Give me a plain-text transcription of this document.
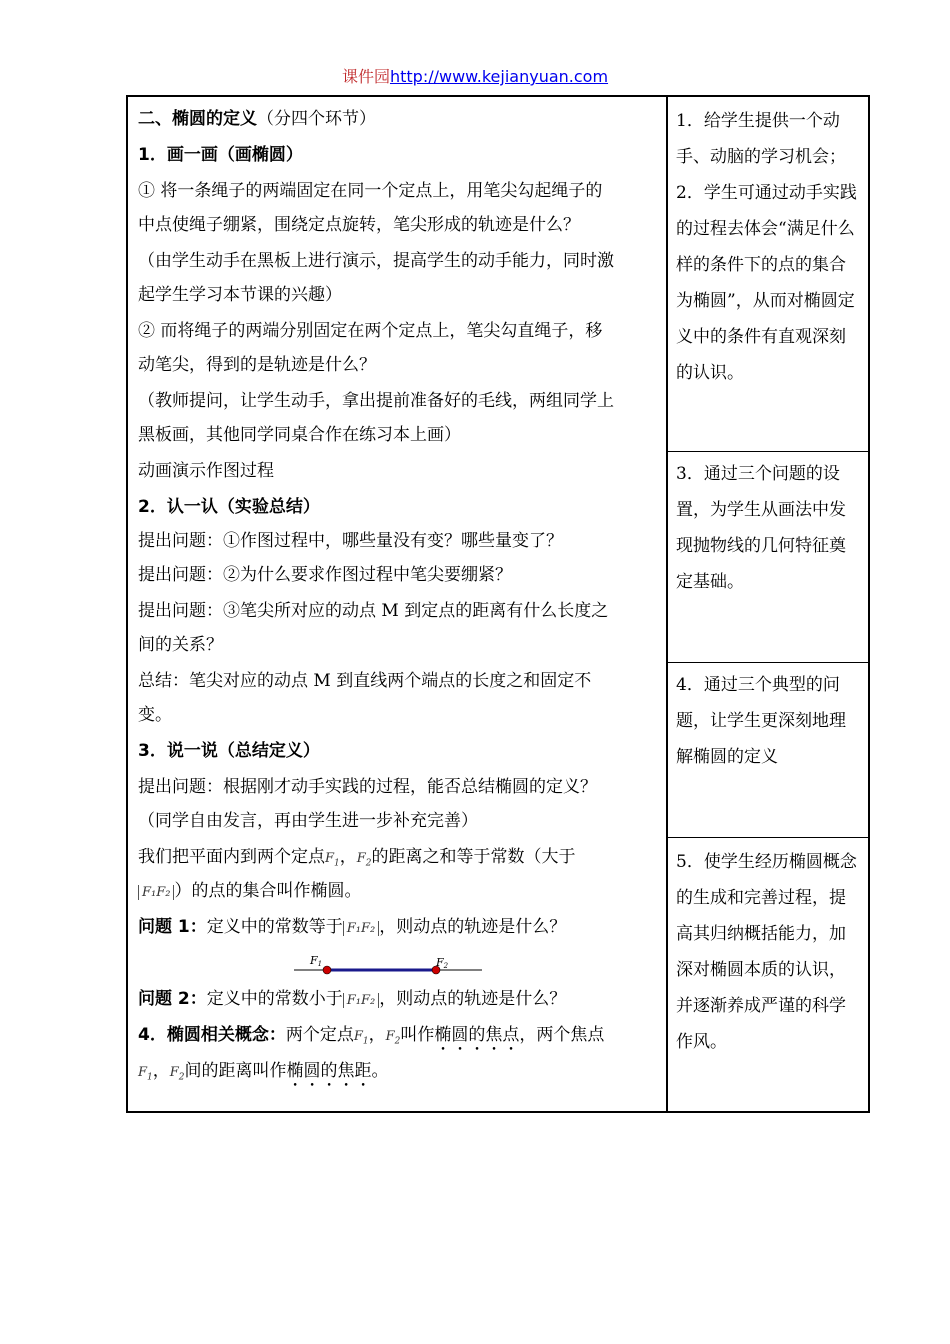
课件园http://www.kejianyuan.com
二、椭圆的定义（分四个环节）
1．画一画（画椭圆）
① 将一条绳子的两端固定在同一个定点上，用笔尖勾起绳子的
中点使绳子绷紧，围绕定点旋转，笔尖形成的轨迹是什么？
（由学生动手在黑板上进行演示，提高学生的动手能力，同时激
起学生学习本节课的兴趣）
② 而将绳子的两端分别固定在两个定点上，笔尖勾直绳子，移
动笔尖，得到的是轨迹是什么？
（教师提问，让学生动手，拿出提前准备好的毛线，两组同学上
黑板画，其他同学同桌合作在练习本上画）
动画演示作图过程
2．认一认（实验总结）
提出问题：①作图过程中，哪些量没有变？哪些量变了？
提出问题：②为什么要求作图过程中笔尖要绷紧？
提出问题：③笔尖所对应的动点 M 到定点的距离有什么长度之
间的关系？
总结：笔尖对应的动点 M 到直线两个端点的长度之和固定不
变。
3．说一说（总结定义）
提出问题：根据刚才动手实践的过程，能否总结椭圆的定义？
（同学自由发言，再由学生进一步补充完善）
我们把平面内到两个定点$F_1$，$F_2$的距离之和等于常数（大于
F₁F₂ ）的点的集合叫作椭圆。
问题 1：定义中的常数等于 F₁F₂ ，则动点的轨迹是什么？
F1	F2
问题 2：定义中的常数小于 F₁F₂ ，则动点的轨迹是什么？
4．椭圆相关概念：两个定点$F_1$，$F_2$叫作椭圆的焦点，两个焦点
$F_1$，$F_2$间的距离叫作椭圆的焦距。
1．给学生提供一个动手、动脑的学习机会；2．学生可通过动手实践的过程去体会“满足什么样的条件下的点的集合为椭圆”，从而对椭圆定义中的条件有直观深刻的认识。
3．通过三个问题的设置，为学生从画法中发现抛物线的几何特征奠定基础。
4．通过三个典型的问题，让学生更深刻地理解椭圆的定义
5．使学生经历椭圆概念的生成和完善过程，提高其归纳概括能力，加深对椭圆本质的认识，并逐渐养成严谨的科学作风。
